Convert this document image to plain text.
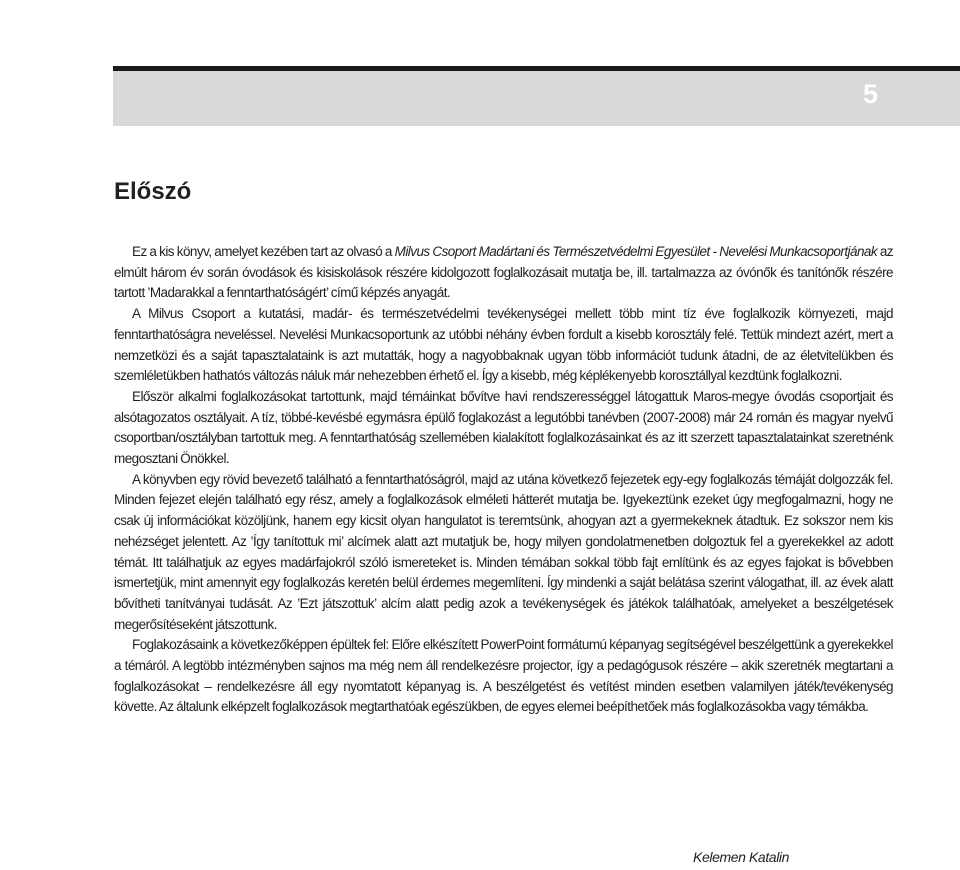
5
Előszó

Ez a kis könyv, amelyet kezében tart az olvasó a Milvus Csoport Madártani és Természetvédelmi Egyesület - Nevelési Munkacsoportjának az elmúlt három év során óvodások és kisiskolások részére kidolgozott foglalkozásait mutatja be, ill. tartalmazza az óvónők és tanítónők részére tartott ’Madarakkal a fenntarthatóságért’ című képzés anyagát.

A Milvus Csoport a kutatási, madár- és természetvédelmi tevékenységei mellett több mint tíz éve foglalkozik környezeti, majd fenntarthatóságra neveléssel. Nevelési Munkacsoportunk az utóbbi néhány évben fordult a kisebb korosztály felé. Tettük mindezt azért, mert a nemzetközi és a saját tapasztalataink is azt mutatták, hogy a nagyobbaknak ugyan több információt tudunk átadni, de az életvitelükben és szemléletükben hathatós változás náluk már nehezebben érhető el. Így a kisebb, még képlékenyebb korosztállyal kezdtünk foglalkozni.

Először alkalmi foglalkozásokat tartottunk, majd témáinkat bővítve havi rendszerességgel látogattuk Maros-megye óvodás csoportjait és alsótagozatos osztályait. A tíz, többé-kevésbé egymásra épülő foglakozást a legutóbbi tanévben (2007-2008) már 24 román és magyar nyelvű csoportban/osztályban tartottuk meg. A fenntarthatóság szellemében kialakított foglalkozásainkat és az itt szerzett tapasztalatainkat szeretnénk megosztani Önökkel.

A könyvben egy rövid bevezető található a fenntarthatóságról, majd az utána következő fejezetek egy-egy foglalkozás témáját dolgozzák fel. Minden fejezet elején található egy rész, amely a foglalkozások elméleti hátterét mutatja be. Igyekeztünk ezeket úgy megfogalmazni, hogy ne csak új információkat közöljünk, hanem egy kicsit olyan hangulatot is teremtsünk, ahogyan azt a gyermekeknek átadtuk. Ez sokszor nem kis nehézséget jelentett. Az ’Így tanítottuk mi’ alcímek alatt azt mutatjuk be, hogy milyen gondolatmenetben dolgoztuk fel a gyerekekkel az adott témát. Itt találhatjuk az egyes madárfajokról szóló ismereteket is. Minden témában sokkal több fajt említünk és az egyes fajokat is bővebben ismertetjük, mint amennyit egy foglalkozás keretén belül érdemes megemlíteni. Így mindenki a saját belátása szerint válogathat, ill. az évek alatt bővítheti tanítványai tudását. Az ’Ezt játszottuk’ alcím alatt pedig azok a tevékenységek és játékok találhatóak, amelyeket a beszélgetések megerősítéseként játszottunk.

Foglakozásaink a következőképpen épültek fel: Előre elkészített PowerPoint formátumú képanyag segítségével beszélgettünk a gyerekekkel a témáról. A legtöbb intézményben sajnos ma még nem áll rendelkezésre projector, így a pedagógusok részére – akik szeretnék megtartani a foglalkozásokat – rendelkezésre áll egy nyomtatott képanyag is. A beszélgetést és vetítést minden esetben valamilyen játék/tevékenység követte. Az általunk elképzelt foglalkozások megtarthatóak egészükben, de egyes elemei beépíthetőek más foglalkozásokba vagy témákba.

Kelemen Katalin
